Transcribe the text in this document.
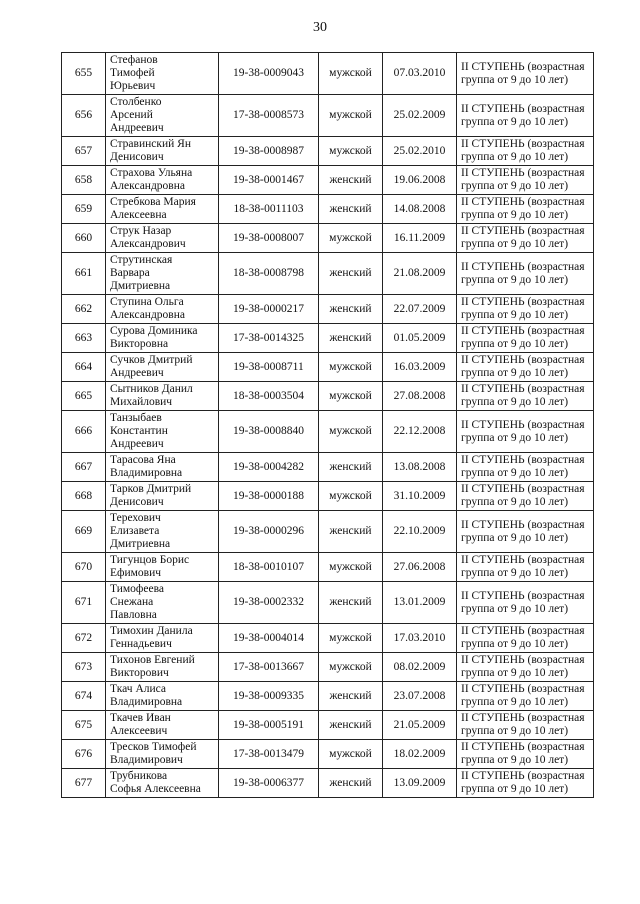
30
655	Стефанов
Тимофей
Юрьевич	19-38-0009043	мужской	07.03.2010	II СТУПЕНЬ (возрастная группа от 9 до 10 лет)
656	Столбенко
Арсений
Андреевич	17-38-0008573	мужской	25.02.2009	II СТУПЕНЬ (возрастная группа от 9 до 10 лет)
657	Стравинский Ян
Денисович	19-38-0008987	мужской	25.02.2010	II СТУПЕНЬ (возрастная группа от 9 до 10 лет)
658	Страхова Ульяна
Александровна	19-38-0001467	женский	19.06.2008	II СТУПЕНЬ (возрастная группа от 9 до 10 лет)
659	Стребкова Мария
Алексеевна	18-38-0011103	женский	14.08.2008	II СТУПЕНЬ (возрастная группа от 9 до 10 лет)
660	Струк Назар
Александрович	19-38-0008007	мужской	16.11.2009	II СТУПЕНЬ (возрастная группа от 9 до 10 лет)
661	Струтинская
Варвара
Дмитриевна	18-38-0008798	женский	21.08.2009	II СТУПЕНЬ (возрастная группа от 9 до 10 лет)
662	Ступина Ольга
Александровна	19-38-0000217	женский	22.07.2009	II СТУПЕНЬ (возрастная группа от 9 до 10 лет)
663	Сурова Доминика
Викторовна	17-38-0014325	женский	01.05.2009	II СТУПЕНЬ (возрастная группа от 9 до 10 лет)
664	Сучков Дмитрий
Андреевич	19-38-0008711	мужской	16.03.2009	II СТУПЕНЬ (возрастная группа от 9 до 10 лет)
665	Сытников Данил
Михайлович	18-38-0003504	мужской	27.08.2008	II СТУПЕНЬ (возрастная группа от 9 до 10 лет)
666	Танзыбаев
Константин
Андреевич	19-38-0008840	мужской	22.12.2008	II СТУПЕНЬ (возрастная группа от 9 до 10 лет)
667	Тарасова Яна
Владимировна	19-38-0004282	женский	13.08.2008	II СТУПЕНЬ (возрастная группа от 9 до 10 лет)
668	Тарков Дмитрий
Денисович	19-38-0000188	мужской	31.10.2009	II СТУПЕНЬ (возрастная группа от 9 до 10 лет)
669	Терехович
Елизавета
Дмитриевна	19-38-0000296	женский	22.10.2009	II СТУПЕНЬ (возрастная группа от 9 до 10 лет)
670	Тигунцов Борис
Ефимович	18-38-0010107	мужской	27.06.2008	II СТУПЕНЬ (возрастная группа от 9 до 10 лет)
671	Тимофеева
Снежана
Павловна	19-38-0002332	женский	13.01.2009	II СТУПЕНЬ (возрастная группа от 9 до 10 лет)
672	Тимохин Данила
Геннадьевич	19-38-0004014	мужской	17.03.2010	II СТУПЕНЬ (возрастная группа от 9 до 10 лет)
673	Тихонов Евгений
Викторович	17-38-0013667	мужской	08.02.2009	II СТУПЕНЬ (возрастная группа от 9 до 10 лет)
674	Ткач Алиса
Владимировна	19-38-0009335	женский	23.07.2008	II СТУПЕНЬ (возрастная группа от 9 до 10 лет)
675	Ткачев Иван
Алексеевич	19-38-0005191	женский	21.05.2009	II СТУПЕНЬ (возрастная группа от 9 до 10 лет)
676	Тресков Тимофей
Владимирович	17-38-0013479	мужской	18.02.2009	II СТУПЕНЬ (возрастная группа от 9 до 10 лет)
677	Трубникова
Софья Алексеевна	19-38-0006377	женский	13.09.2009	II СТУПЕНЬ (возрастная группа от 9 до 10 лет)
